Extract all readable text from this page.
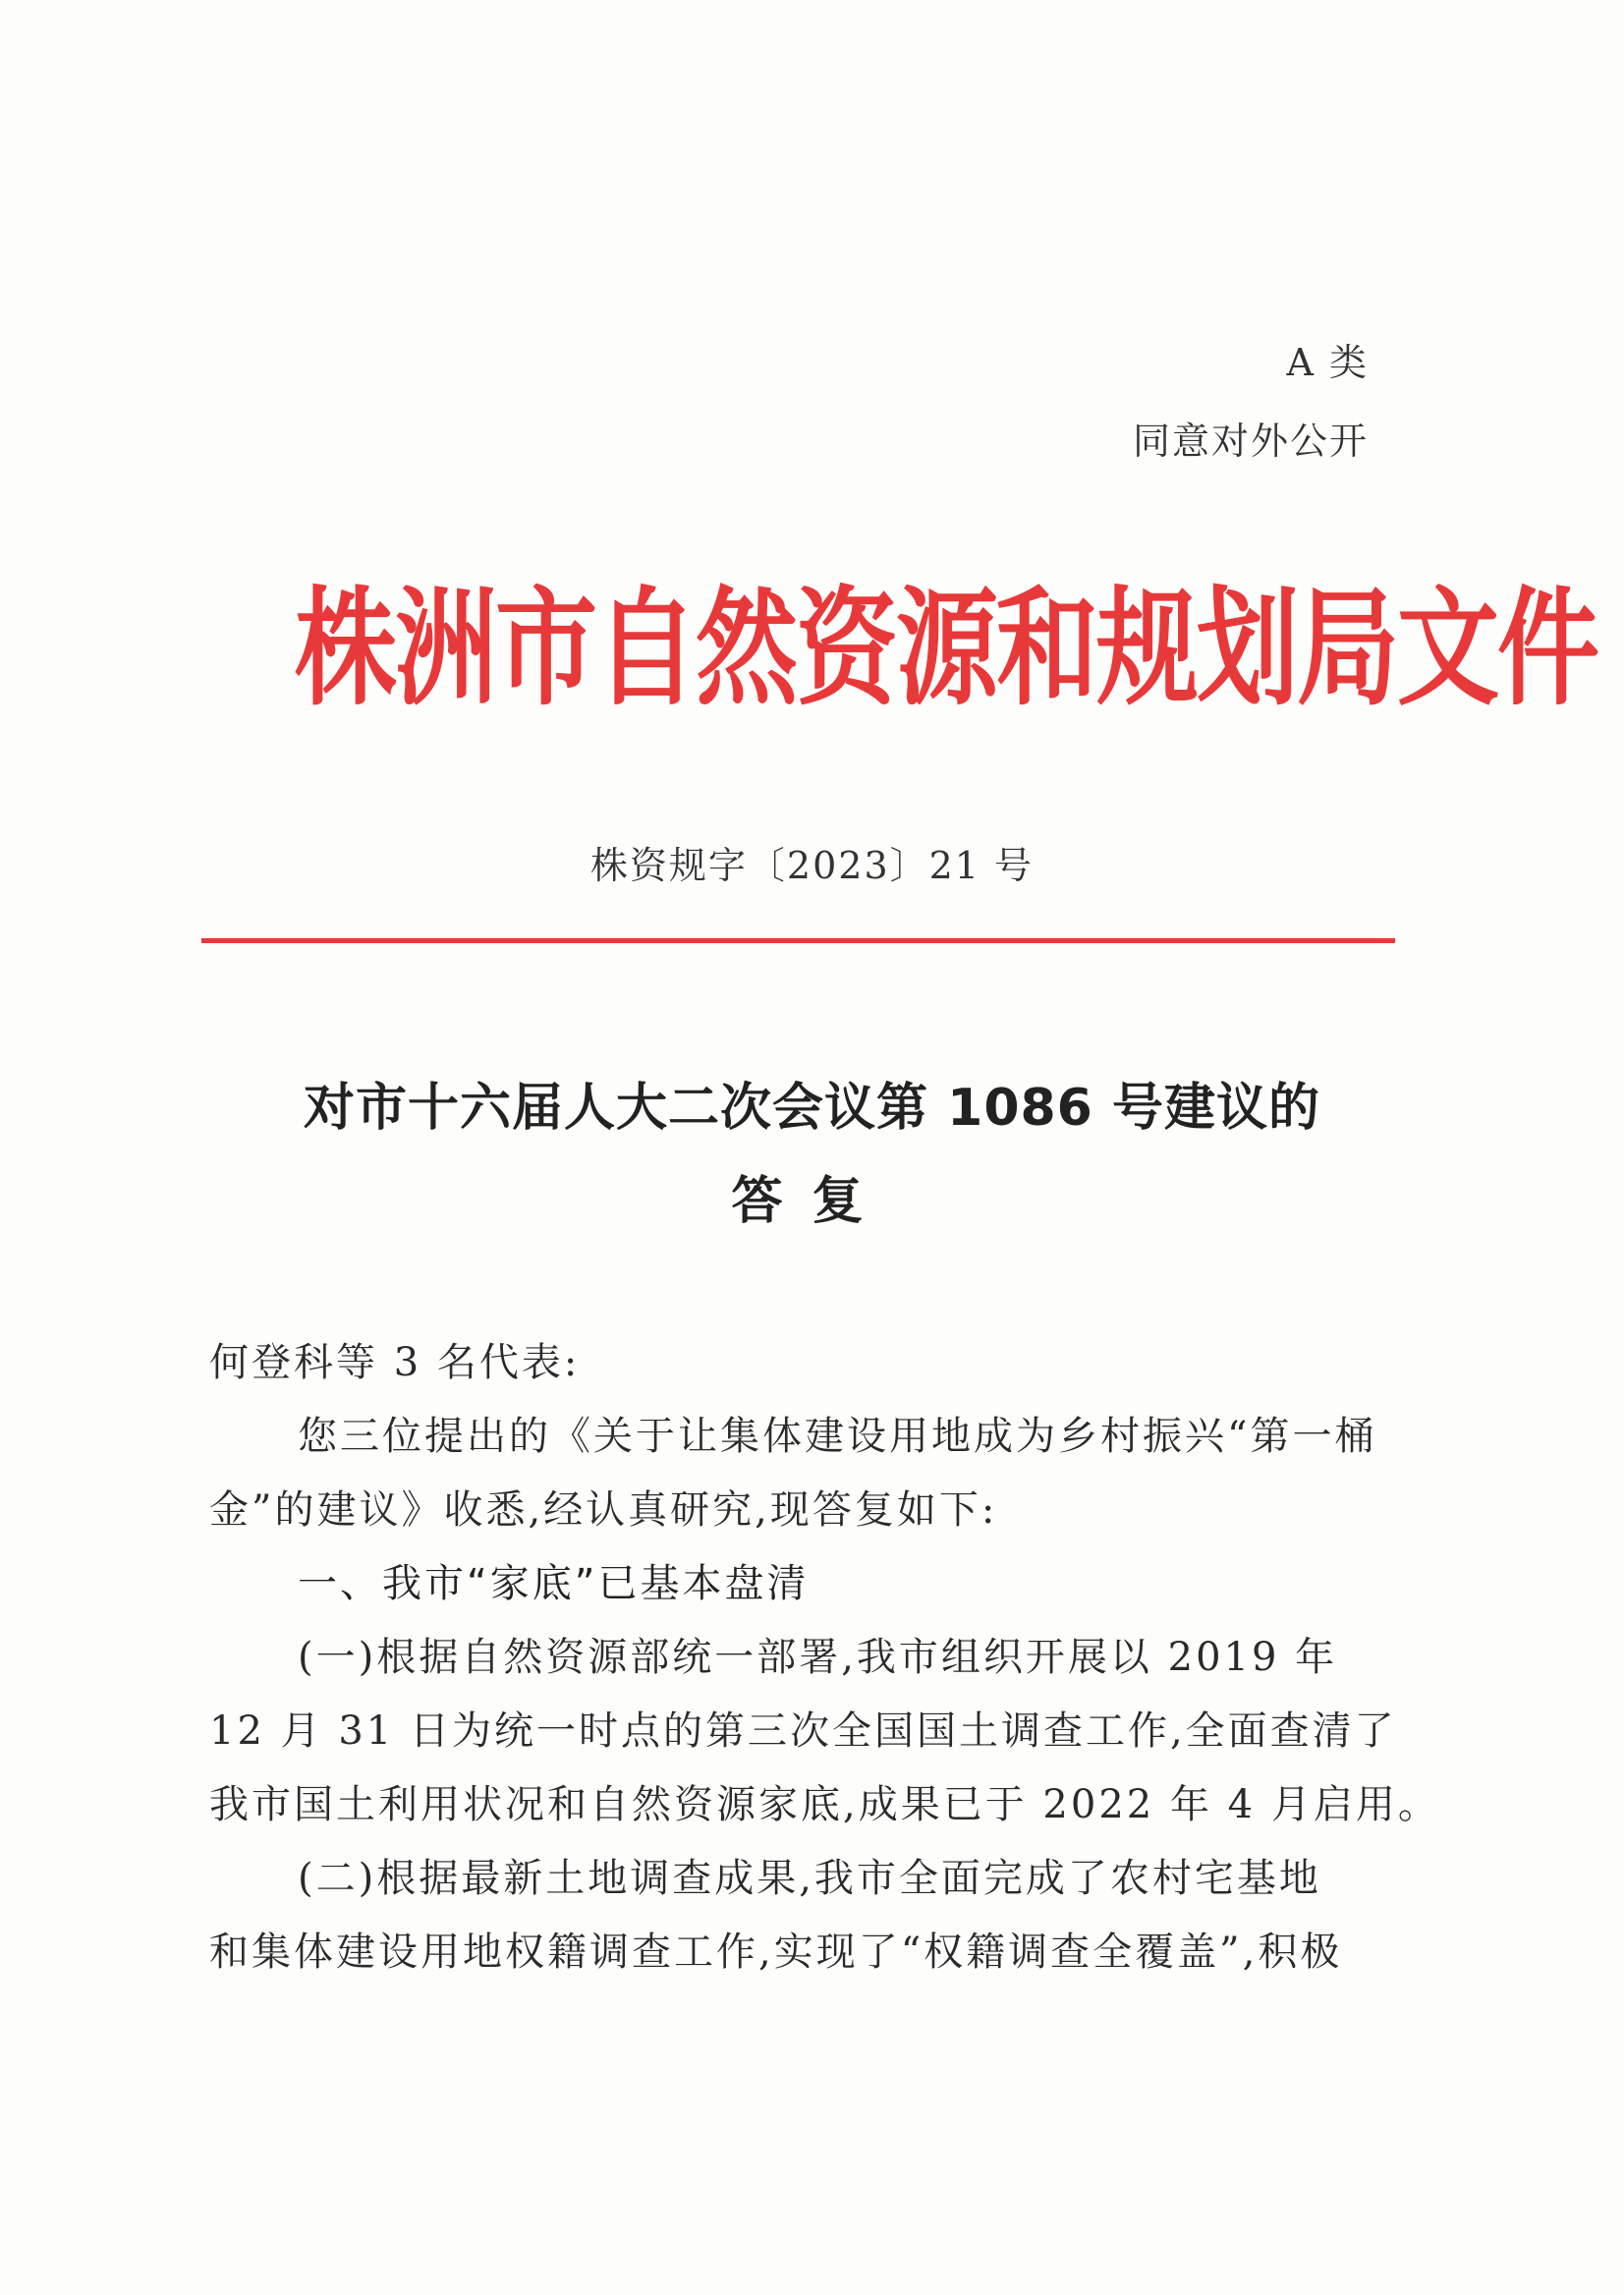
A 类
同意对外公开
株洲市自然资源和规划局文件
株资规字〔2023〕21 号
对市十六届人大二次会议第 1086 号建议的
答复
何登科等 3 名代表:
您三位提出的《关于让集体建设用地成为乡村振兴“第一桶
金”的建议》收悉,经认真研究,现答复如下:
一、我市“家底”已基本盘清
(一)根据自然资源部统一部署,我市组织开展以 2019 年
12 月 31 日为统一时点的第三次全国国土调查工作,全面查清了
我市国土利用状况和自然资源家底,成果已于 2022 年 4 月启用。
(二)根据最新土地调查成果,我市全面完成了农村宅基地
和集体建设用地权籍调查工作,实现了“权籍调查全覆盖”,积极
